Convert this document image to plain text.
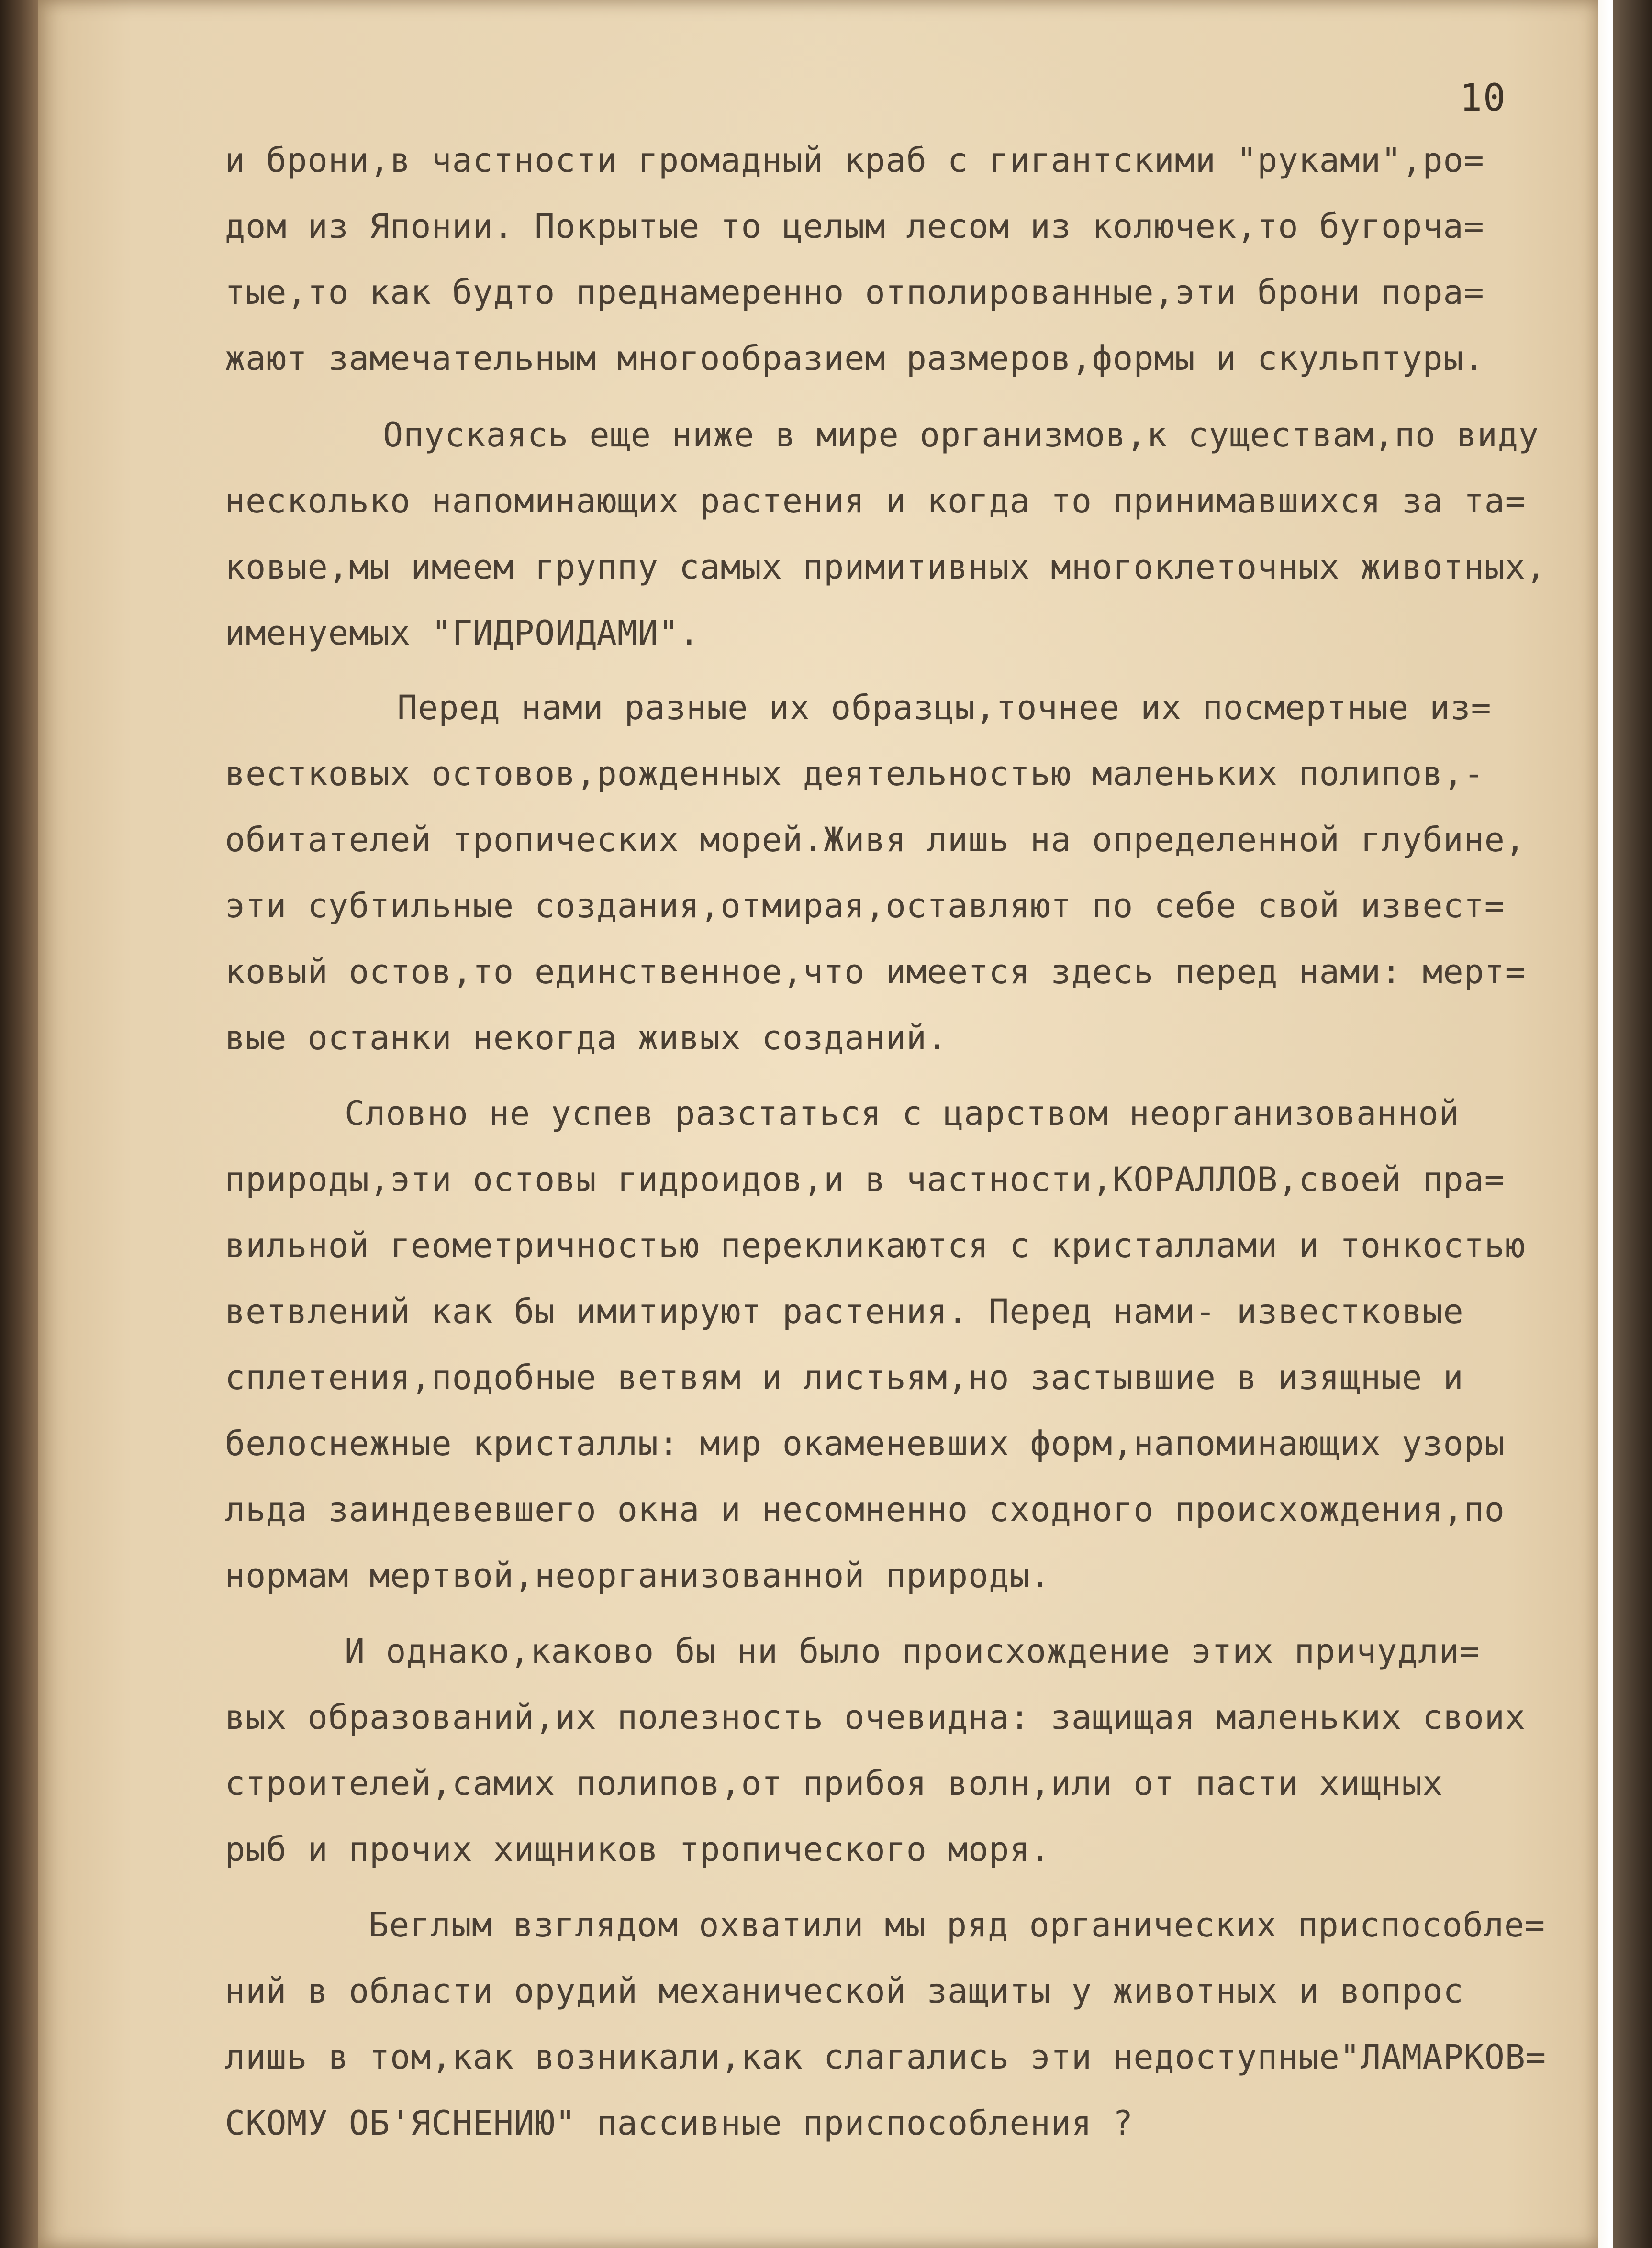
10
и брони,в частности громадный краб с гигантскими "руками",ро=
дом из Японии. Покрытые то целым лесом из колючек,то бугорча=
тые,то как будто преднамеренно отполированные,эти брони пора=
жают замечательным многообразием размеров,формы и скульптуры.
Опускаясь еще ниже в мире организмов,к существам,по виду
несколько напоминающих растения и когда то принимавшихся за та=
ковые,мы имеем группу самых примитивных многоклеточных животных,
именуемых "ГИДРОИДАМИ".
Перед нами разные их образцы,точнее их посмертные из=
вестковых остовов,рожденных деятельностью маленьких полипов,-
обитателей тропических морей.Живя лишь на определенной глубине,
эти субтильные создания,отмирая,оставляют по себе свой извест=
ковый остов,то единственное,что имеется здесь перед нами: мерт=
вые останки некогда живых созданий.
Словно не успев разстаться с царством неорганизованной
природы,эти остовы гидроидов,и в частности,КОРАЛЛОВ,своей пра=
вильной геометричностью перекликаются с кристаллами и тонкостью
ветвлений как бы имитируют растения. Перед нами- известковые
сплетения,подобные ветвям и листьям,но застывшие в изящные и
белоснежные кристаллы: мир окаменевших форм,напоминающих узоры
льда заиндевевшего окна и несомненно сходного происхождения,по
нормам мертвой,неорганизованной природы.
И однако,каково бы ни было происхождение этих причудли=
вых образований,их полезность очевидна: защищая маленьких своих
строителей,самих полипов,от прибоя волн,или от пасти хищных
рыб и прочих хищников тропического моря.
Беглым взглядом охватили мы ряд органических приспособле=
ний в области орудий механической защиты у животных и вопрос
лишь в том,как возникали,как слагались эти недоступные"ЛАМАРКОВ=
СКОМУ ОБ'ЯСНЕНИЮ" пассивные приспособления ?
